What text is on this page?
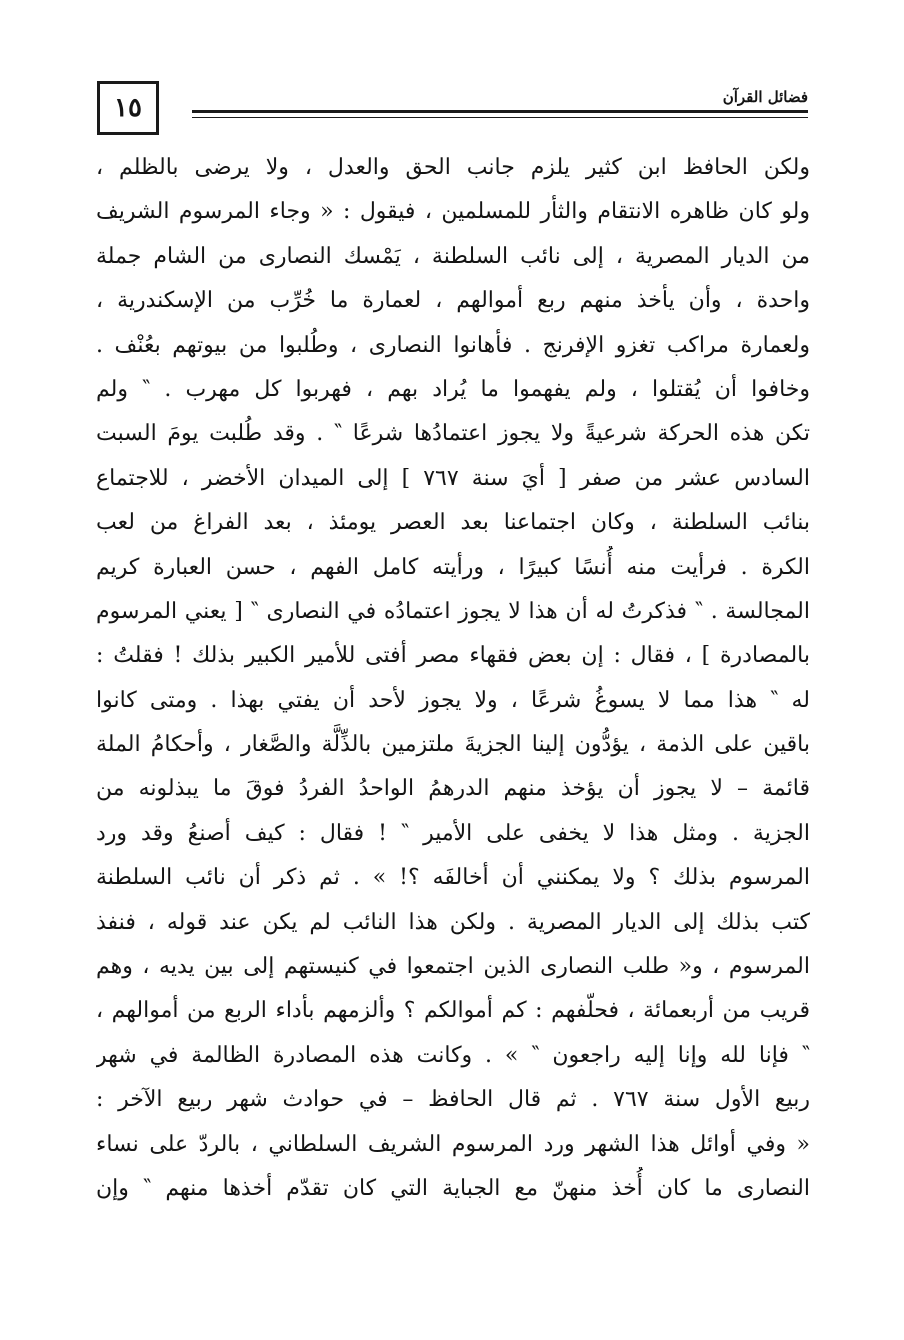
١٥	فضائل القرآن
ولكن الحافظ ابن كثير يلزم جانب الحق والعدل ، ولا يرضى بالظلم ،
ولو كان ظاهره الانتقام والثأر للمسلمين ، فيقول : « وجاء المرسوم الشريف
من الديار المصرية ، إلى نائب السلطنة ، يَمْسك النصارى من الشام جملة
واحدة ، وأن يأخذ منهم ربع أموالهم ، لعمارة ما خُرِّب من الإسكندرية ،
ولعمارة مراكب تغزو الإفرنج . فأهانوا النصارى ، وطُلبوا من بيوتهم بعُنْف .
وخافوا أن يُقتلوا ، ولم يفهموا ما يُراد بهم ، فهربوا كل مهرب . ‶ ولم
تكن هذه الحركة شرعيةً ولا يجوز اعتمادُها شرعًا ‶ . وقد طُلبت يومَ السبت
السادس عشر من صفر [ أيَ سنة ٧٦٧ ] إلى الميدان الأخضر ، للاجتماع
بنائب السلطنة ، وكان اجتماعنا بعد العصر يومئذ ، بعد الفراغ من لعب
الكرة . فرأيت منه أُنسًا كبيرًا ، ورأيته كامل الفهم ، حسن العبارة كريم
المجالسة . ‶ فذكرتُ له أن هذا لا يجوز اعتمادُه في النصارى ‶ [ يعني المرسوم
بالمصادرة ] ، فقال : إن بعض فقهاء مصر أفتى للأمير الكبير بذلك ! فقلتُ :
له ‶ هذا مما لا يسوغُ شرعًا ، ولا يجوز لأحد أن يفتي بهذا . ومتى كانوا
باقين على الذمة ، يؤدُّون إلينا الجزيةَ ملتزمين بالذِّلَّة والصَّغار ، وأحكامُ الملة
قائمة – لا يجوز أن يؤخذ منهم الدرهمُ الواحدُ الفردُ فوقَ ما يبذلونه من
الجزية . ومثل هذا لا يخفى على الأمير ‶ ! فقال : كيف أصنعُ وقد ورد
المرسوم بذلك ؟ ولا يمكنني أن أخالفَه ؟! » . ثم ذكر أن نائب السلطنة
كتب بذلك إلى الديار المصرية . ولكن هذا النائب لم يكن عند قوله ، فنفذ
المرسوم ، و« طلب النصارى الذين اجتمعوا في كنيستهم إلى بين يديه ، وهم
قريب من أربعمائة ، فحلّفهم : كم أموالكم ؟ وألزمهم بأداء الربع من أموالهم ،
‶ فإنا لله وإنا إليه راجعون ‶ » . وكانت هذه المصادرة الظالمة في شهر
ربيع الأول سنة ٧٦٧ . ثم قال الحافظ – في حوادث شهر ربيع الآخر :
« وفي أوائل هذا الشهر ورد المرسوم الشريف السلطاني ، بالردّ على نساء
النصارى ما كان أُخذ منهنّ مع الجباية التي كان تقدّم أخذها منهم ‶ وإن
